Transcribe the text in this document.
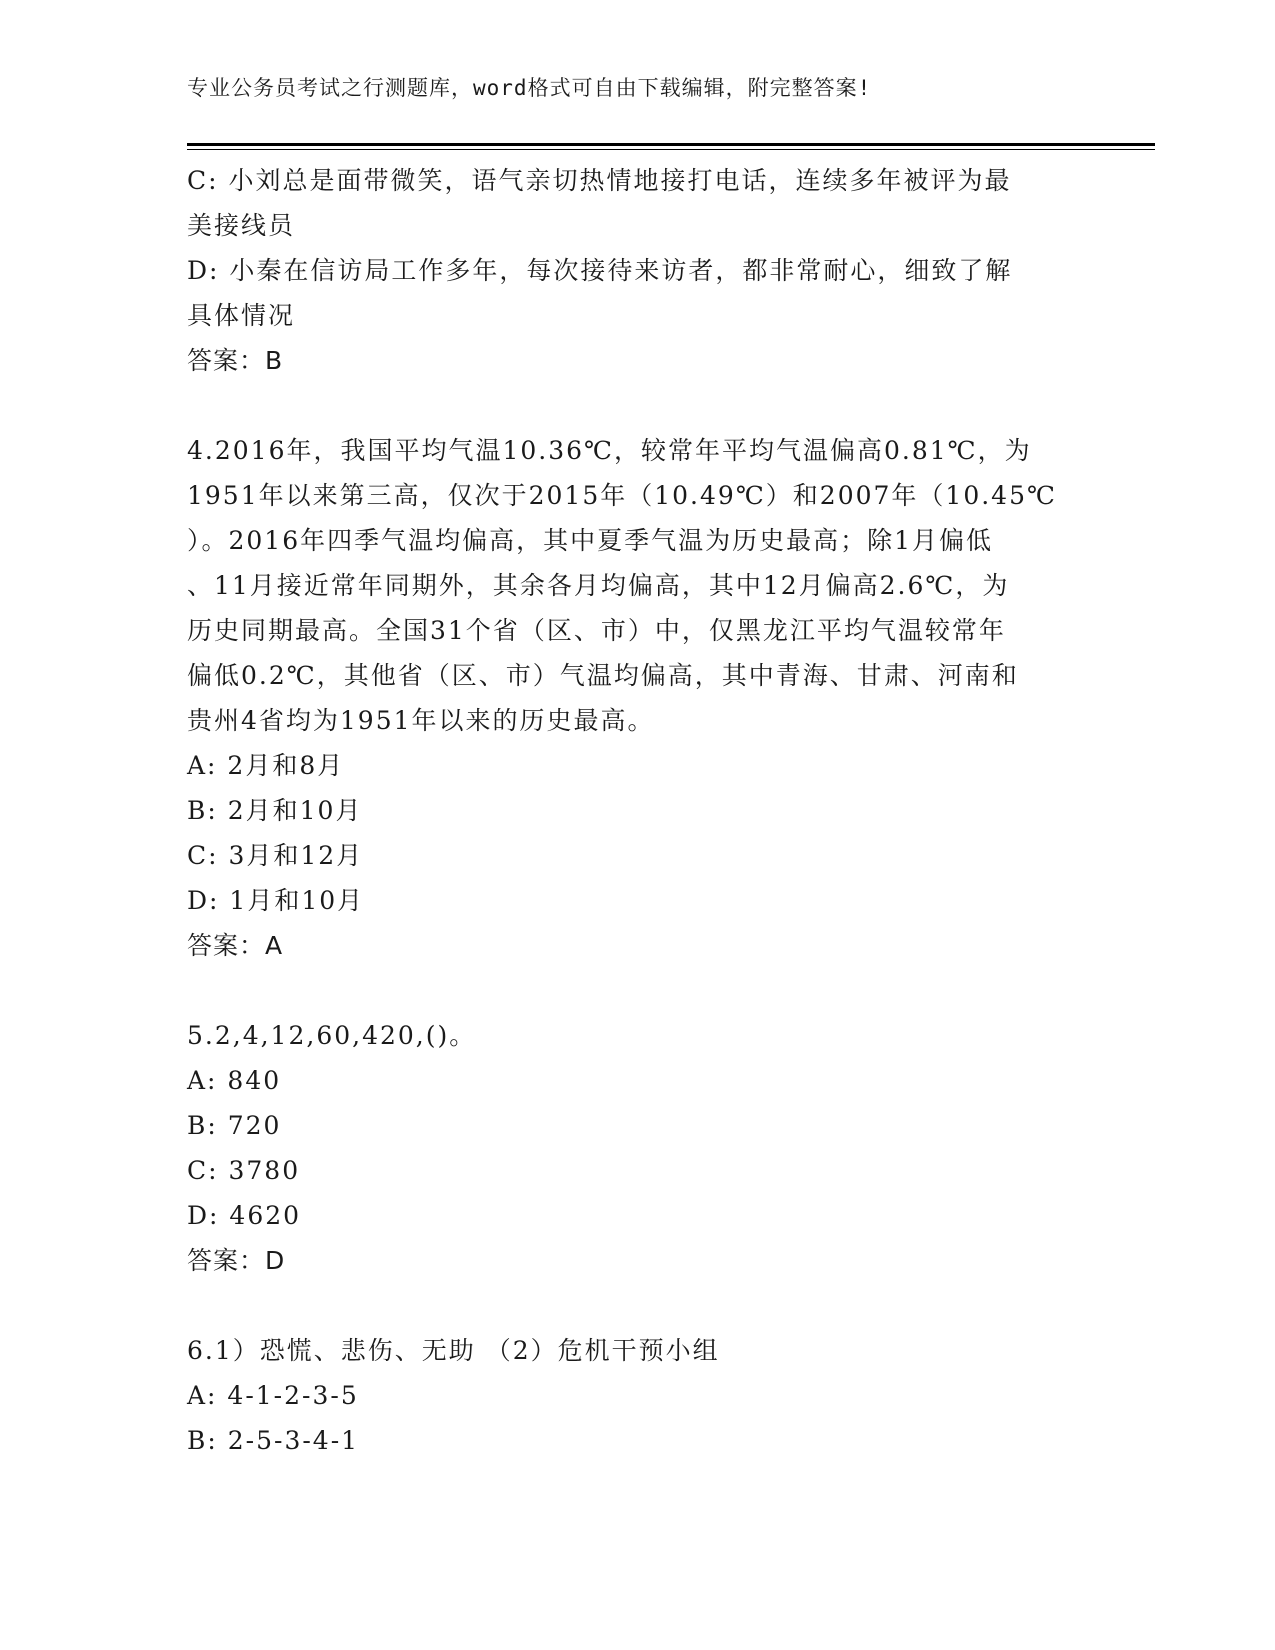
专业公务员考试之行测题库，word格式可自由下载编辑，附完整答案!
C: 小刘总是面带微笑，语气亲切热情地接打电话，连续多年被评为最
美接线员
D: 小秦在信访局工作多年，每次接待来访者，都非常耐心，细致了解
具体情况
答案：B
4.2016年，我国平均气温10.36℃，较常年平均气温偏高0.81℃，为
1951年以来第三高，仅次于2015年（10.49℃）和2007年（10.45℃
）。2016年四季气温均偏高，其中夏季气温为历史最高；除1月偏低
、11月接近常年同期外，其余各月均偏高，其中12月偏高2.6℃，为
历史同期最高。全国31个省（区、市）中，仅黑龙江平均气温较常年
偏低0.2℃，其他省（区、市）气温均偏高，其中青海、甘肃、河南和
贵州4省均为1951年以来的历史最高。
A: 2月和8月
B: 2月和10月
C: 3月和12月
D: 1月和10月
答案：A
5.2,4,12,60,420,()。
A: 840
B: 720
C: 3780
D: 4620
答案：D
6.1）恐慌、悲伤、无助 （2）危机干预小组
A: 4-1-2-3-5
B: 2-5-3-4-1
